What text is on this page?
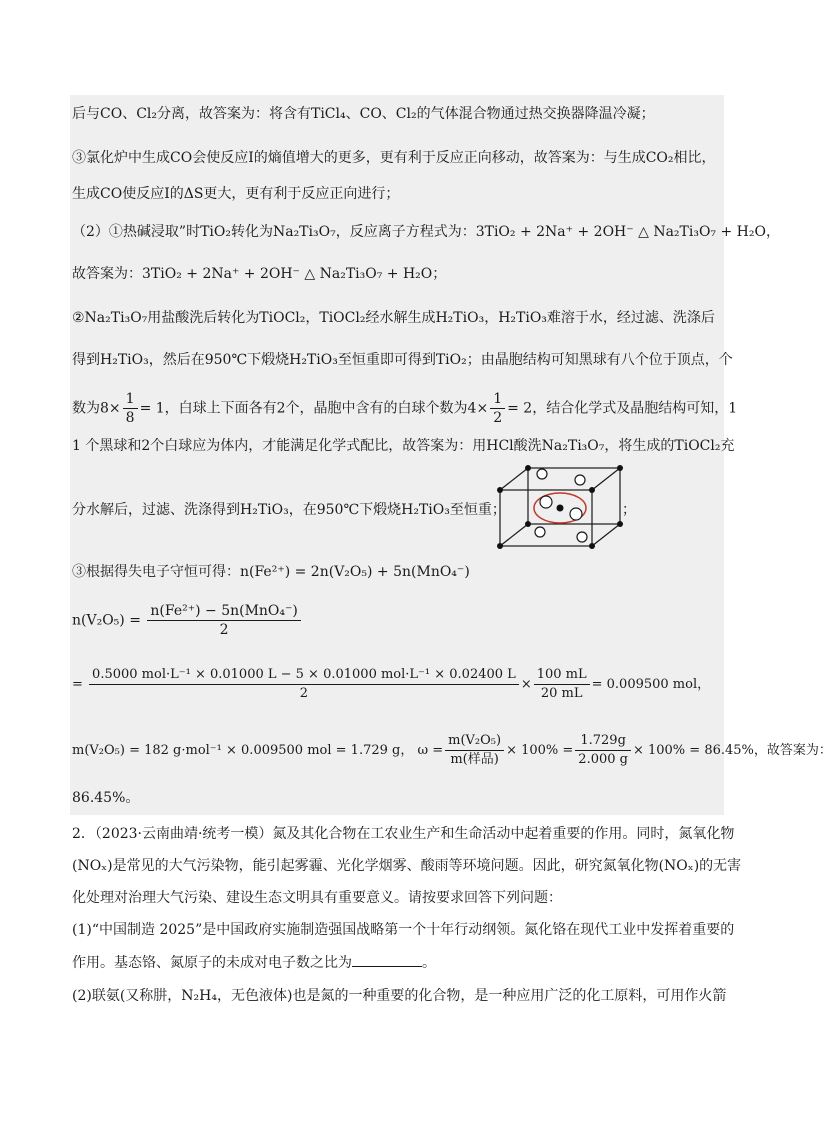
后与CO、Cl₂分离，故答案为：将含有TiCl₄、CO、Cl₂的气体混合物通过热交换器降温冷凝；
③氯化炉中生成CO会使反应Ⅰ的熵值增大的更多，更有利于反应正向移动，故答案为：与生成CO₂相比，
生成CO使反应Ⅰ的ΔS更大，更有利于反应正向进行；
（2）①热碱浸取”时TiO₂转化为Na₂Ti₃O₇，反应离子方程式为：3TiO₂ + 2Na⁺ + 2OH⁻ △ Na₂Ti₃O₇ + H₂O，
故答案为：3TiO₂ + 2Na⁺ + 2OH⁻ △ Na₂Ti₃O₇ + H₂O；
②Na₂Ti₃O₇用盐酸洗后转化为TiOCl₂，TiOCl₂经水解生成H₂TiO₃，H₂TiO₃难溶于水，经过滤、洗涤后
得到H₂TiO₃，然后在950℃下煅烧H₂TiO₃至恒重即可得到TiO₂；由晶胞结构可知黑球有八个位于顶点，个
数为$8\times \frac{1}{8} = 1$，白球上下面各有2个，晶胞中含有的白球个数为$4\times \frac{1}{2} = 2$，结合化学式及晶胞结构可知，1
1 个黑球和2个白球应为体内，才能满足化学式配比，故答案为：用HCl酸洗Na₂Ti₃O₇，将生成的TiOCl₂充
分水解后，过滤、洗涤得到H₂TiO₃，在950℃下煅烧H₂TiO₃至恒重；	；
③根据得失电子守恒可得：n(Fe²⁺) = 2n(V₂O₅) + 5n(MnO₄⁻)
$n(V_2O_5) = \frac{\text{n(Fe²⁺) − 5n(MnO₄⁻)}}{2}$
= $\frac{\text{0.5000 mol·L⁻¹ × 0.01000 L − 5 × 0.01000 mol·L⁻¹ × 0.02400 L}}{2} \times \frac{100 mL}{20 mL} = 0.009500$ mol，
m(V₂O₅) = 182 g·mol⁻¹ × 0.009500 mol = 1.729 g， $\omega = \frac{\text{m(V₂O₅)}}{\text{m(样品)}} \times 100\% = \frac{1.729g}{2.000 g} \times 100\% = 86.45\%$，故答案为：
86.45%。
2．（2023·云南曲靖·统考一模）氮及其化合物在工农业生产和生命活动中起着重要的作用。同时，氮氧化物
(NOₓ)是常见的大气污染物，能引起雾霾、光化学烟雾、酸雨等环境问题。因此，研究氮氧化物(NOₓ)的无害
化处理对治理大气污染、建设生态文明具有重要意义。请按要求回答下列问题：
(1)“中国制造 2025”是中国政府实施制造强国战略第一个十年行动纲领。氮化铬在现代工业中发挥着重要的
作用。基态铬、氮原子的未成对电子数之比为	。
(2)联氨(又称肼，N₂H₄，无色液体)也是氮的一种重要的化合物，是一种应用广泛的化工原料，可用作火箭
